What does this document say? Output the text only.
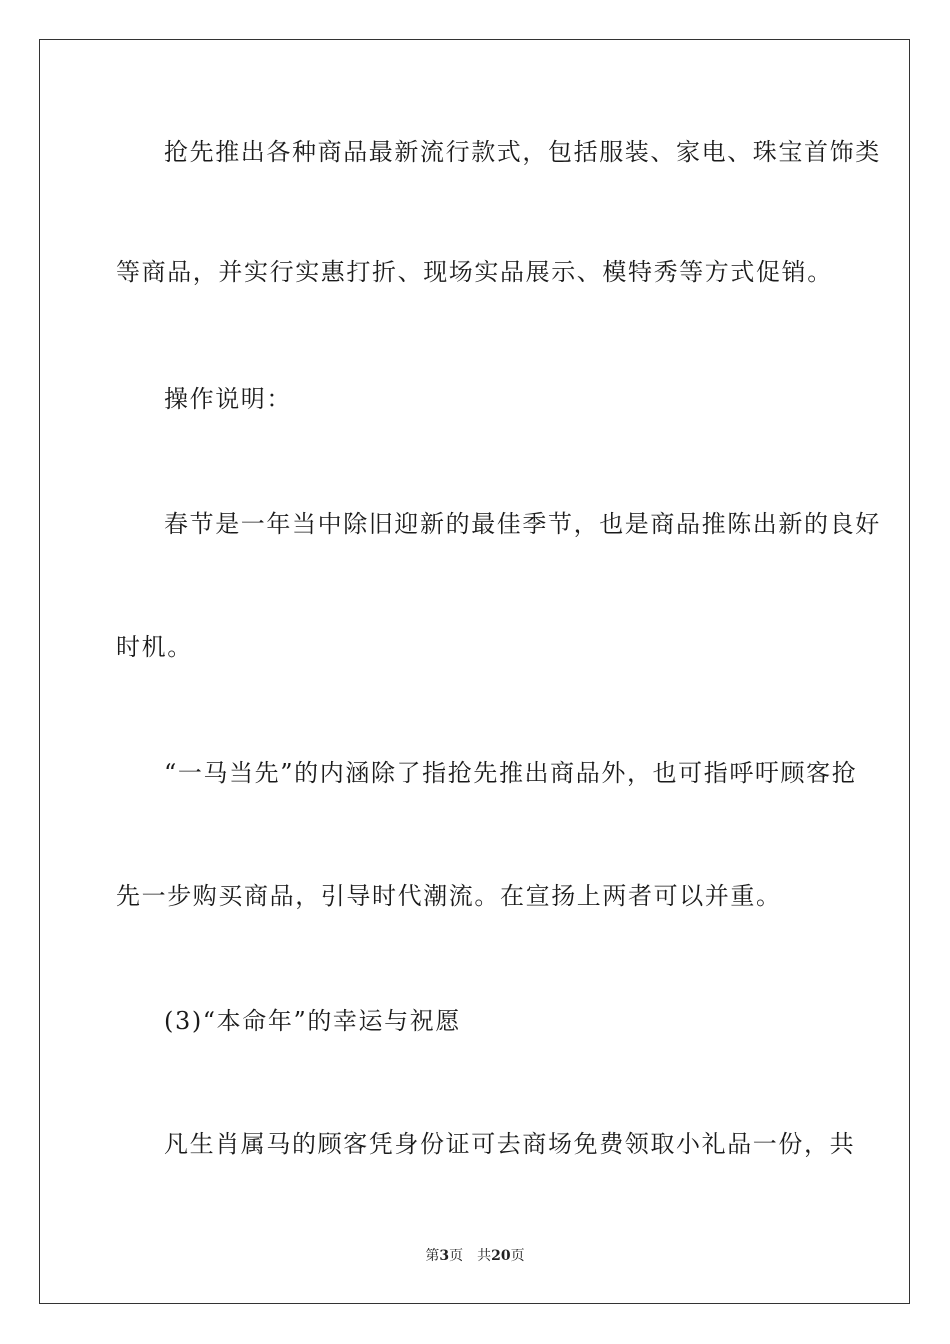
抢先推出各种商品最新流行款式，包括服装、家电、珠宝首饰类
等商品，并实行实惠打折、现场实品展示、模特秀等方式促销。
操作说明：
春节是一年当中除旧迎新的最佳季节，也是商品推陈出新的良好
时机。
“一马当先”的内涵除了指抢先推出商品外，也可指呼吁顾客抢
先一步购买商品，引导时代潮流。在宣扬上两者可以并重。
(3)“本命年”的幸运与祝愿
凡生肖属马的顾客凭身份证可去商场免费领取小礼品一份，共
第3页 共20页
